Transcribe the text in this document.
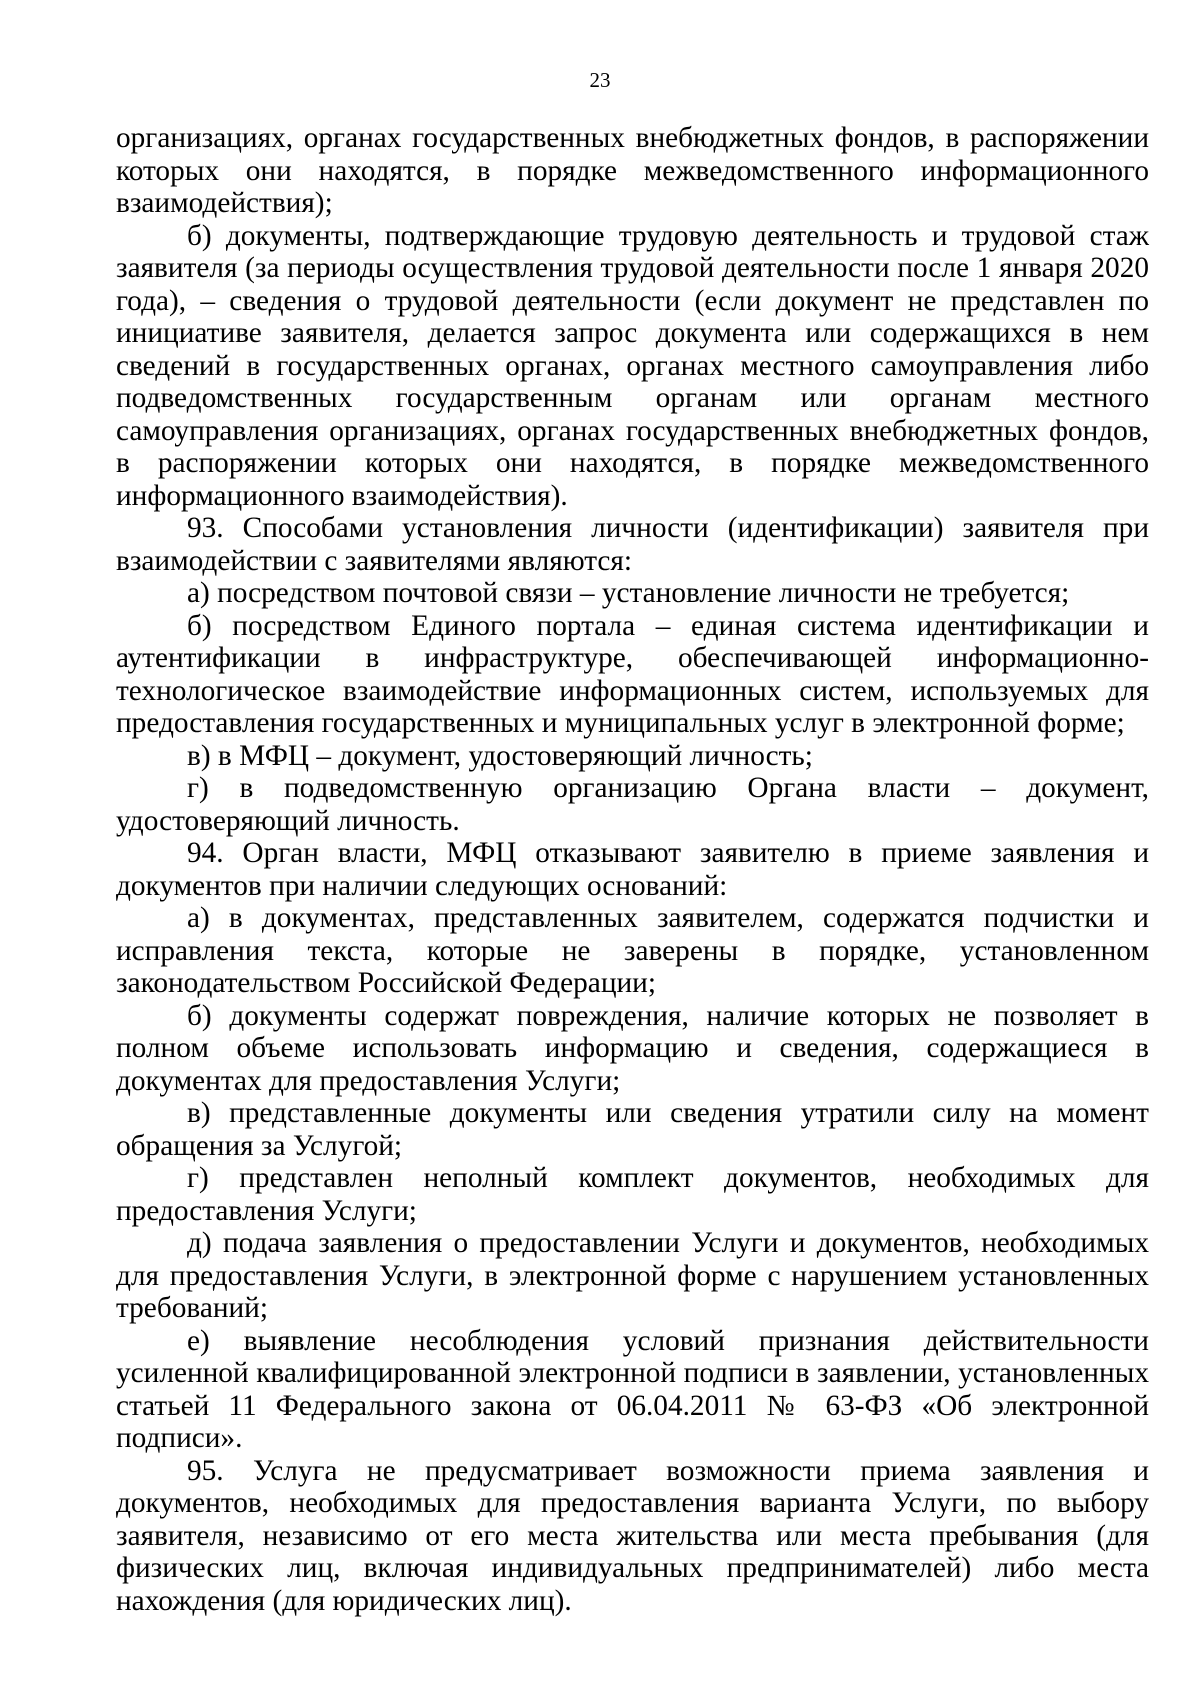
23

организациях, органах государственных внебюджетных фондов, в распоряжении которых они находятся, в порядке межведомственного информационного взаимодействия);

б) документы, подтверждающие трудовую деятельность и трудовой стаж заявителя (за периоды осуществления трудовой деятельности после 1 января 2020 года), – сведения о трудовой деятельности (если документ не представлен по инициативе заявителя, делается запрос документа или содержащихся в нем сведений в государственных органах, органах местного самоуправления либо подведомственных государственным органам или органам местного самоуправления организациях, органах государственных внебюджетных фондов, в распоряжении которых они находятся, в порядке межведомственного информационного взаимодействия).

93. Способами установления личности (идентификации) заявителя при взаимодействии с заявителями являются:

а) посредством почтовой связи – установление личности не требуется;

б) посредством Единого портала – единая система идентификации и аутентификации в инфраструктуре, обеспечивающей информационно-технологическое взаимодействие информационных систем, используемых для предоставления государственных и муниципальных услуг в электронной форме;

в) в МФЦ – документ, удостоверяющий личность;

г) в подведомственную организацию Органа власти – документ, удостоверяющий личность.

94. Орган власти, МФЦ отказывают заявителю в приеме заявления и документов при наличии следующих оснований:

а) в документах, представленных заявителем, содержатся подчистки и исправления текста, которые не заверены в порядке, установленном законодательством Российской Федерации;

б) документы содержат повреждения, наличие которых не позволяет в полном объеме использовать информацию и сведения, содержащиеся в документах для предоставления Услуги;

в) представленные документы или сведения утратили силу на момент обращения за Услугой;

г) представлен неполный комплект документов, необходимых для предоставления Услуги;

д) подача заявления о предоставлении Услуги и документов, необходимых для предоставления Услуги, в электронной форме с нарушением установленных требований;

е) выявление несоблюдения условий признания действительности усиленной квалифицированной электронной подписи в заявлении, установленных статьей 11 Федерального закона от 06.04.2011 № 63-ФЗ «Об электронной подписи».

95. Услуга не предусматривает возможности приема заявления и документов, необходимых для предоставления варианта Услуги, по выбору заявителя, независимо от его места жительства или места пребывания (для физических лиц, включая индивидуальных предпринимателей) либо места нахождения (для юридических лиц).
